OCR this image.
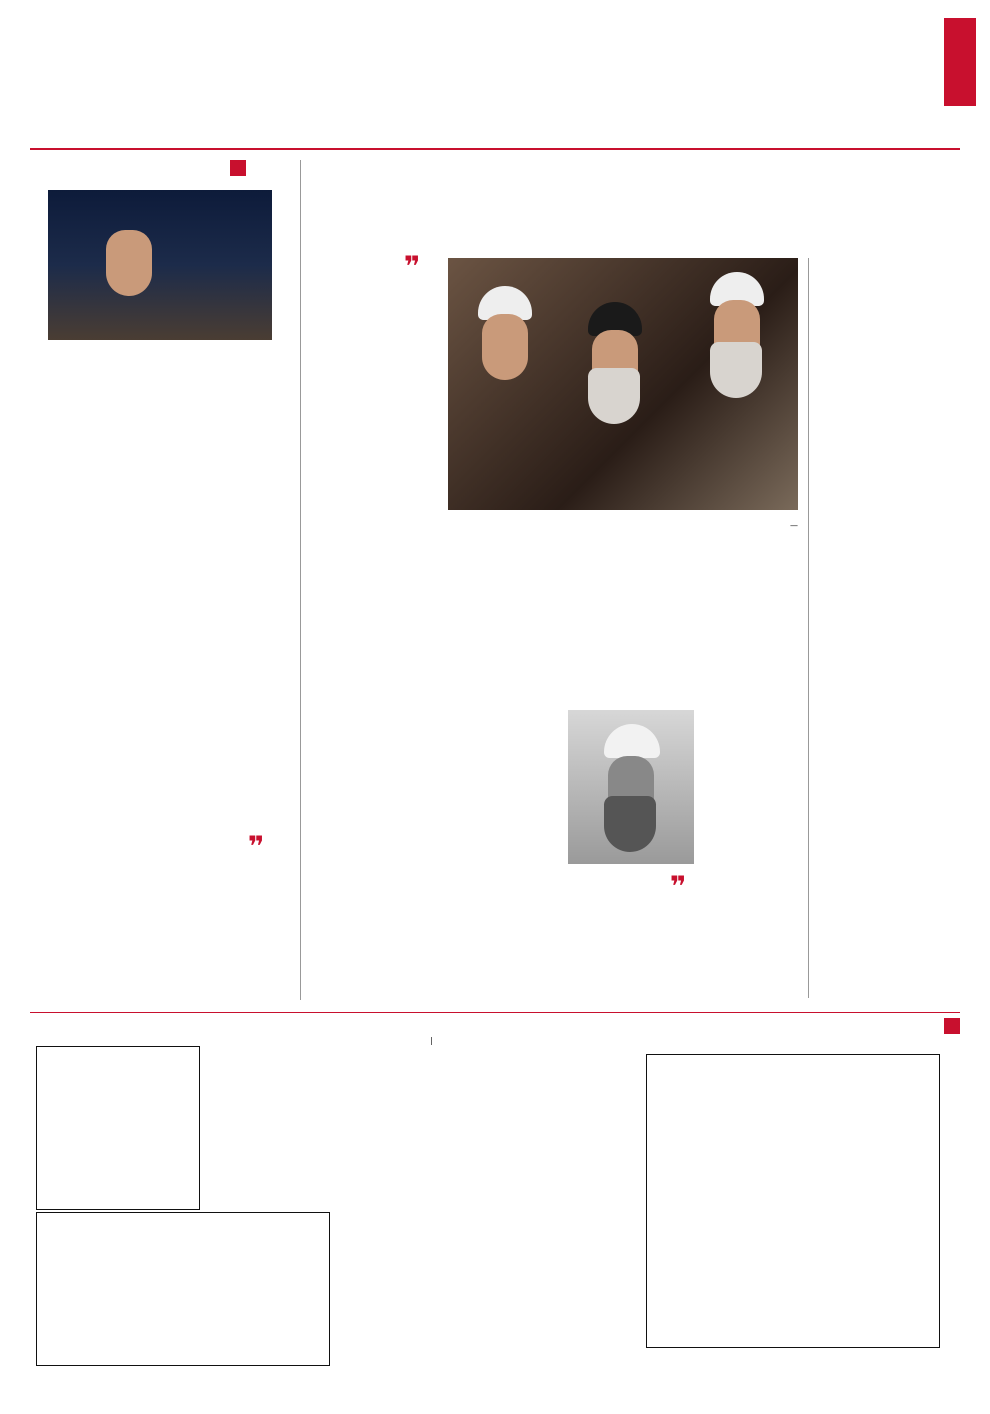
—
❞
❞
❞
|
